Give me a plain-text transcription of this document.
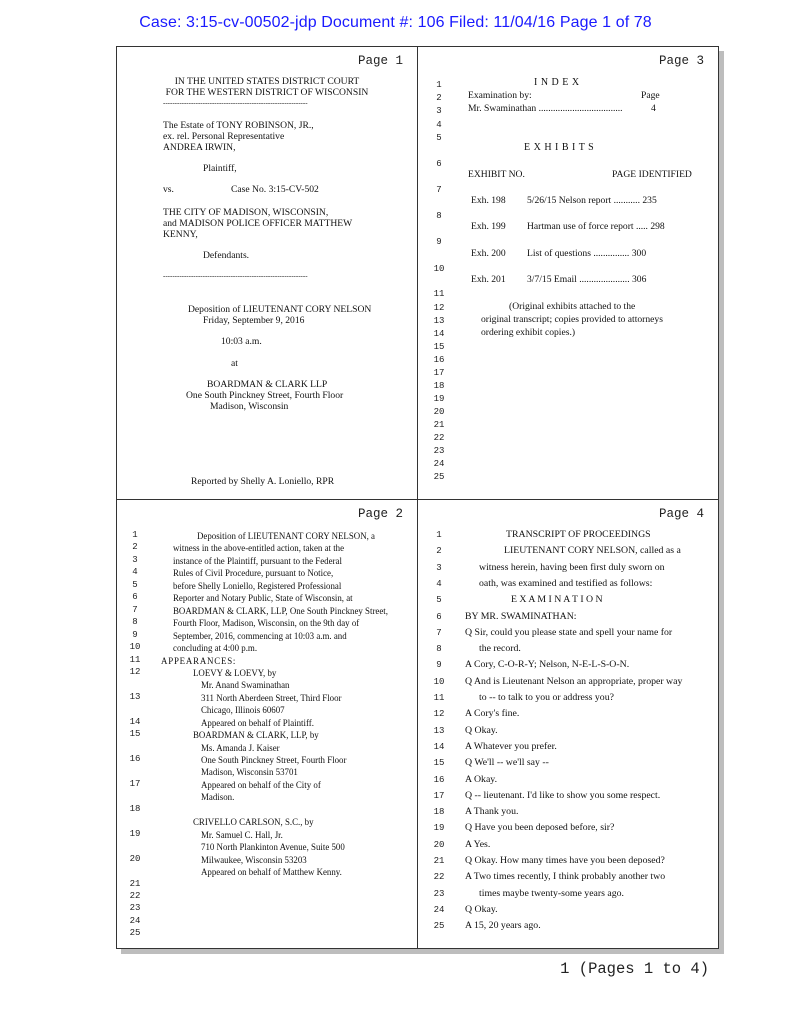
Case: 3:15-cv-00502-jdp Document #: 106 Filed: 11/04/16 Page 1 of 78
Page 1
IN THE UNITED STATES DISTRICT COURT
FOR THE WESTERN DISTRICT OF WISCONSIN
--------------------------------------------------------------
The Estate of TONY ROBINSON, JR.,
ex. rel. Personal Representative
ANDREA IRWIN,
Plaintiff,
vs.	Case No. 3:15-CV-502
THE CITY OF MADISON, WISCONSIN,
and MADISON POLICE OFFICER MATTHEW
KENNY,
Defendants.
--------------------------------------------------------------
Deposition of LIEUTENANT CORY NELSON
Friday, September 9, 2016
10:03 a.m.
at
BOARDMAN & CLARK LLP
One South Pinckney Street, Fourth Floor
Madison, Wisconsin
Reported by Shelly A. Loniello, RPR
Page 3
I N D E X
Examination by:	Page
Mr. Swaminathan ...................................	4
E X H I B I T S
EXHIBIT NO.	PAGE IDENTIFIED
Exh. 198 5/26/15 Nelson report ........... 235
Exh. 199 Hartman use of force report ..... 298
Exh. 200 List of questions ............... 300
Exh. 201 3/7/15 Email ..................... 306
(Original exhibits attached to the
original transcript; copies provided to attorneys
ordering exhibit copies.)
1
2
3
4
5
6
7
8
9
10
11
12
13
14
15
16
17
18
19
20
21
22
23
24
25
Page 2
1
2
3
4
5
6
7
8
9
10
11
12
13
14
15
16
17
18
19
20
21
22
23
24
25
Deposition of LIEUTENANT CORY NELSON, a
witness in the above-entitled action, taken at the
instance of the Plaintiff, pursuant to the Federal
Rules of Civil Procedure, pursuant to Notice,
before Shelly Loniello, Registered Professional
Reporter and Notary Public, State of Wisconsin, at
BOARDMAN & CLARK, LLP, One South Pinckney Street,
Fourth Floor, Madison, Wisconsin, on the 9th day of
September, 2016, commencing at 10:03 a.m. and
concluding at 4:00 p.m.
APPEARANCES:
LOEVY & LOEVY, by
Mr. Anand Swaminathan
311 North Aberdeen Street, Third Floor
Chicago, Illinois 60607
Appeared on behalf of Plaintiff.
BOARDMAN & CLARK, LLP, by
Ms. Amanda J. Kaiser
One South Pinckney Street, Fourth Floor
Madison, Wisconsin 53701
Appeared on behalf of the City of
Madison.
CRIVELLO CARLSON, S.C., by
Mr. Samuel C. Hall, Jr.
710 North Plankinton Avenue, Suite 500
Milwaukee, Wisconsin 53203
Appeared on behalf of Matthew Kenny.
Page 4
1
2
3
4
5
6
7
8
9
10
11
12
13
14
15
16
17
18
19
20
21
22
23
24
25
TRANSCRIPT OF PROCEEDINGS
LIEUTENANT CORY NELSON, called as a
witness herein, having been first duly sworn on
oath, was examined and testified as follows:
E X A M I N A T I O N
BY MR. SWAMINATHAN:
Q Sir, could you please state and spell your name for
the record.
A Cory, C-O-R-Y; Nelson, N-E-L-S-O-N.
Q And is Lieutenant Nelson an appropriate, proper way
to -- to talk to you or address you?
A Cory's fine.
Q Okay.
A Whatever you prefer.
Q We'll -- we'll say --
A Okay.
Q -- lieutenant. I'd like to show you some respect.
A Thank you.
Q Have you been deposed before, sir?
A Yes.
Q Okay. How many times have you been deposed?
A Two times recently, I think probably another two
times maybe twenty-some years ago.
Q Okay.
A 15, 20 years ago.
1 (Pages 1 to 4)
